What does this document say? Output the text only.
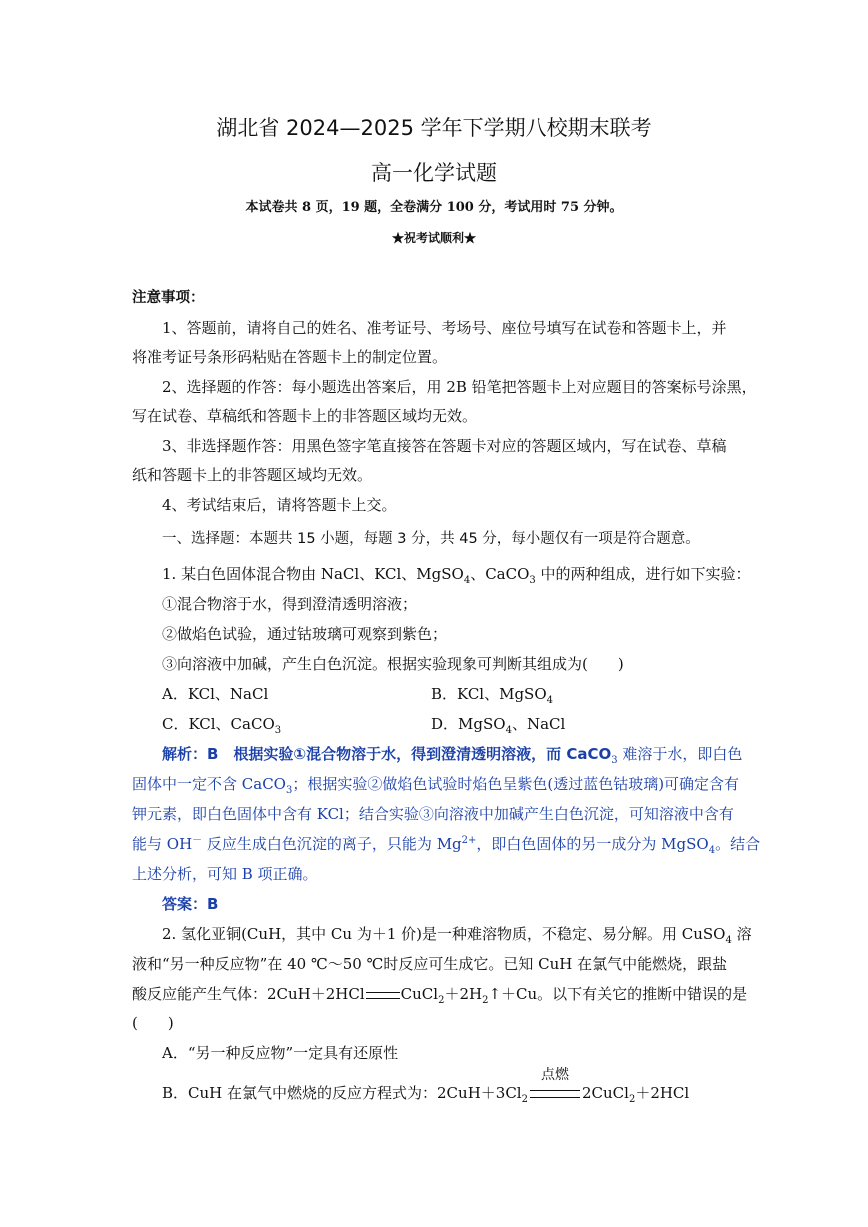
湖北省 2024—2025 学年下学期八校期末联考
高一化学试题
本试卷共 8 页，19 题，全卷满分 100 分，考试用时 75 分钟。
★祝考试顺利★
注意事项：
1、答题前，请将自己的姓名、准考证号、考场号、座位号填写在试卷和答题卡上，并
将准考证号条形码粘贴在答题卡上的制定位置。
2、选择题的作答：每小题选出答案后，用 2B 铅笔把答题卡上对应题目的答案标号涂黑，
写在试卷、草稿纸和答题卡上的非答题区域均无效。
3、非选择题作答：用黑色签字笔直接答在答题卡对应的答题区域内，写在试卷、草稿
纸和答题卡上的非答题区域均无效。
4、考试结束后，请将答题卡上交。
一、选择题：本题共 15 小题，每题 3 分，共 45 分，每小题仅有一项是符合题意。
1. 某白色固体混合物由 NaCl、KCl、MgSO$_4$、CaCO$_3$ 中的两种组成，进行如下实验：
①混合物溶于水，得到澄清透明溶液；
②做焰色试验，通过钴玻璃可观察到紫色；
③向溶液中加碱，产生白色沉淀。根据实验现象可判断其组成为(　　)
A．KCl、NaCl	B．KCl、MgSO$_4$
C．KCl、CaCO$_3$	D．MgSO$_4$、NaCl
解析：B　根据实验①混合物溶于水，得到澄清透明溶液，而 CaCO$_3$ 难溶于水，即白色
固体中一定不含 CaCO$_3$；根据实验②做焰色试验时焰色呈紫色(透过蓝色钴玻璃)可确定含有
钾元素，即白色固体中含有 KCl；结合实验③向溶液中加碱产生白色沉淀，可知溶液中含有
能与 OH－ 反应生成白色沉淀的离子，只能为 $Mg^{2+}$，即白色固体的另一成分为 MgSO$_4$。结合
上述分析，可知 B 项正确。
答案：B
2. 氢化亚铜(CuH，其中 Cu 为＋1 价)是一种难溶物质，不稳定、易分解。用 CuSO$_4$ 溶
液和“另一种反应物”在 40 ℃～50 ℃时反应可生成它。已知 CuH 在氯气中能燃烧，跟盐
酸反应能产生气体：2CuH＋2HCl $CuCl_2+2H_2↑+Cu$。以下有关它的推断中错误的是
(　　)
A．“另一种反应物”一定具有还原性
B．CuH 在氯气中燃烧的反应方程式为：$2CuH+3Cl_2$
点燃
2CuCl$_2$＋2HCl
